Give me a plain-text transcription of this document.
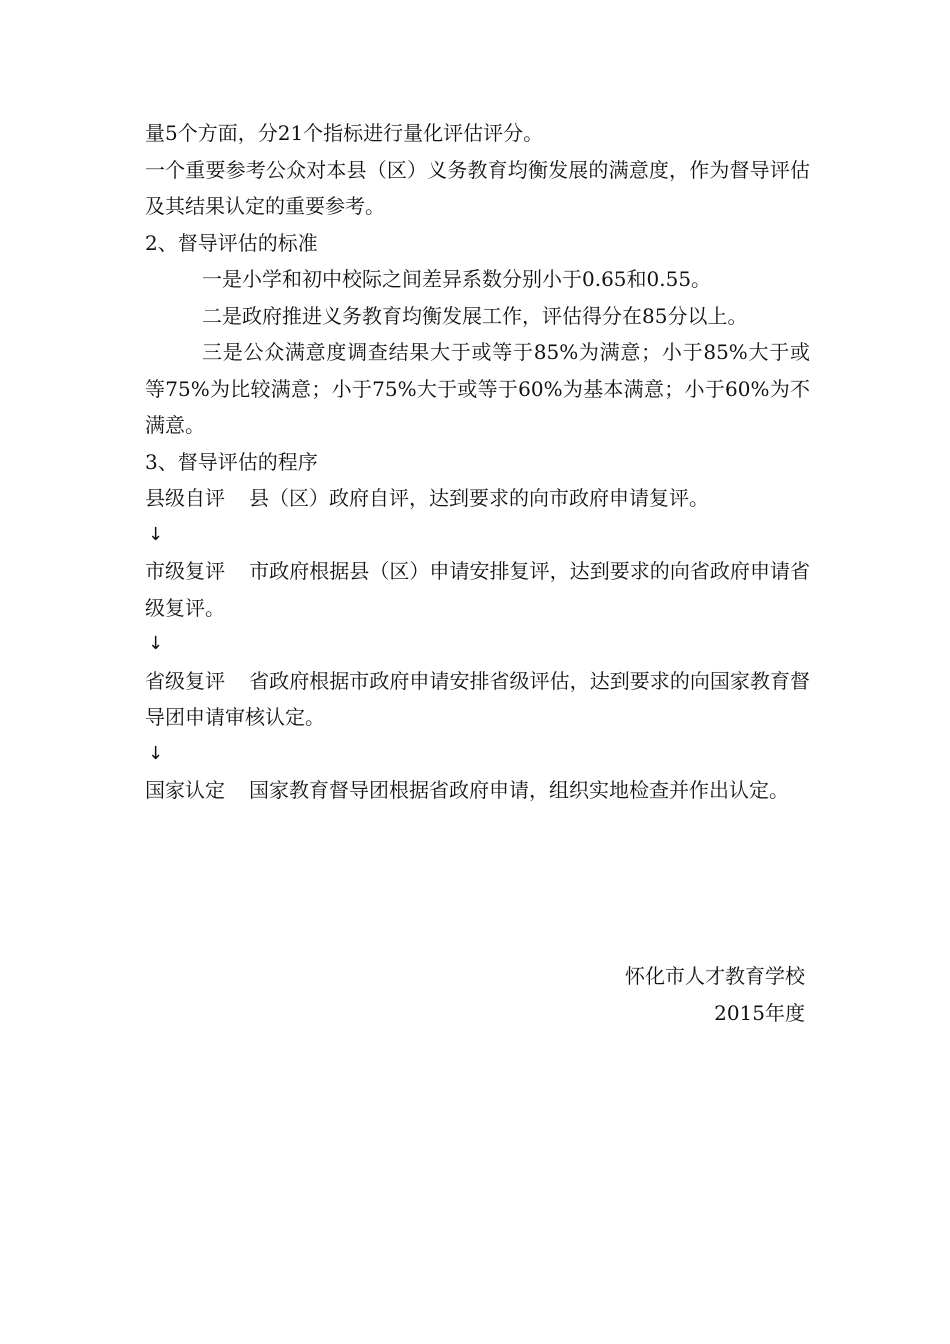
量5个方面，分21个指标进行量化评估评分。

一个重要参考公众对本县（区）义务教育均衡发展的满意度，作为督导评估及其结果认定的重要参考。

2、督导评估的标准

一是小学和初中校际之间差异系数分别小于0.65和0.55。

二是政府推进义务教育均衡发展工作，评估得分在85分以上。

三是公众满意度调查结果大于或等于85%为满意；小于85%大于或等75%为比较满意；小于75%大于或等于60%为基本满意；小于60%为不满意。

3、督导评估的程序

县级自评 县（区）政府自评，达到要求的向市政府申请复评。

↓

市级复评 市政府根据县（区）申请安排复评，达到要求的向省政府申请省级复评。

↓

省级复评 省政府根据市政府申请安排省级评估，达到要求的向国家教育督导团申请审核认定。

↓

国家认定 国家教育督导团根据省政府申请，组织实地检查并作出认定。

怀化市人才教育学校

2015年度
